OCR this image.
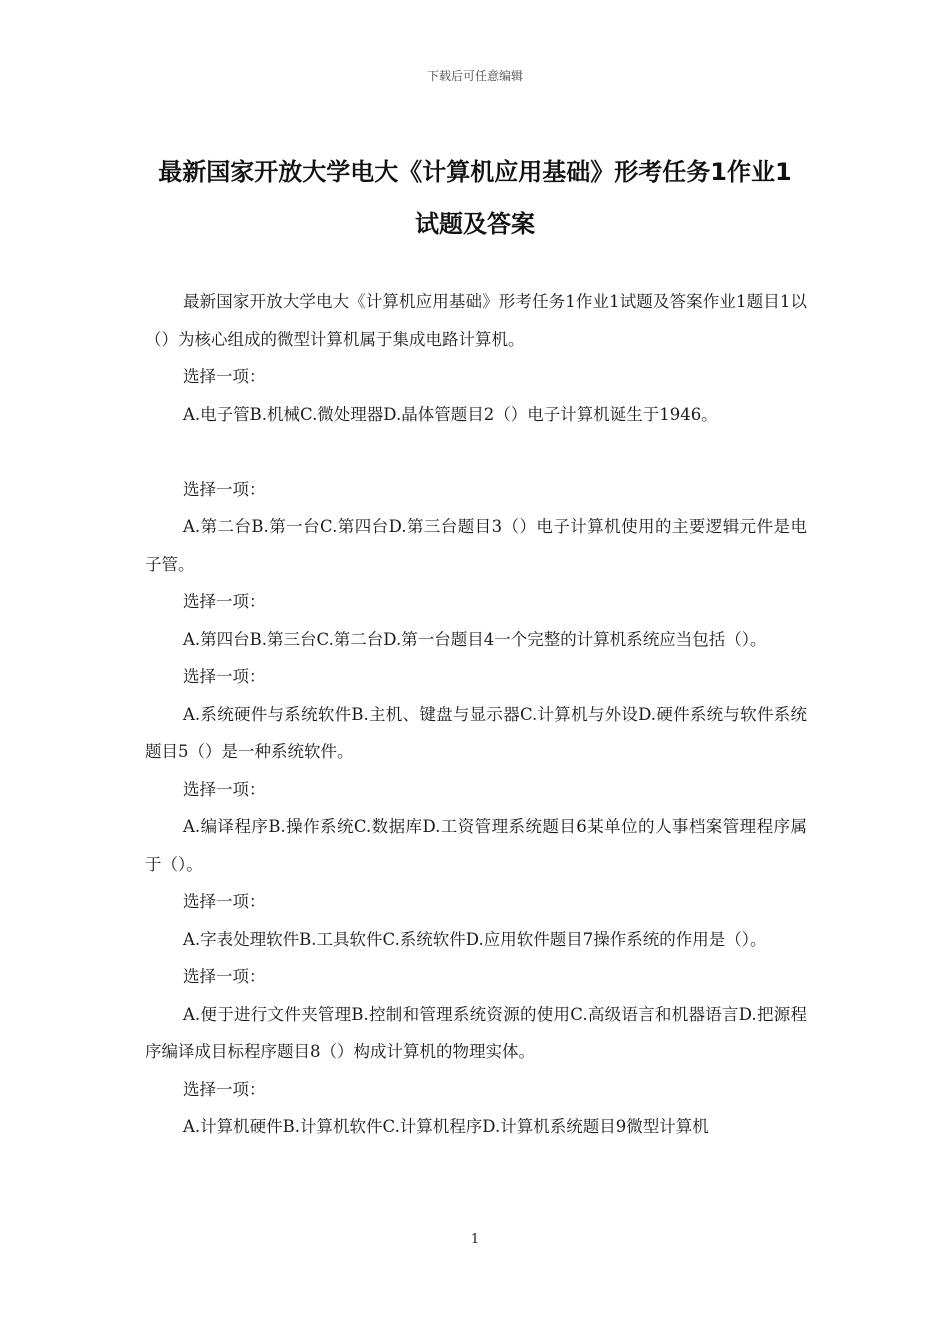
下载后可任意编辑
最新国家开放大学电大《计算机应用基础》形考任务1作业1试题及答案

最新国家开放大学电大《计算机应用基础》形考任务1作业1试题及答案作业1题目1以（）为核心组成的微型计算机属于集成电路计算机。

选择一项：

A.电子管B.机械C.微处理器D.晶体管题目2（）电子计算机诞生于1946。

选择一项：

A.第二台B.第一台C.第四台D.第三台题目3（）电子计算机使用的主要逻辑元件是电子管。

选择一项：

A.第四台B.第三台C.第二台D.第一台题目4一个完整的计算机系统应当包括（）。

选择一项：

A.系统硬件与系统软件B.主机、键盘与显示器C.计算机与外设D.硬件系统与软件系统题目5（）是一种系统软件。

选择一项：

A.编译程序B.操作系统C.数据库D.工资管理系统题目6某单位的人事档案管理程序属于（）。

选择一项：

A.字表处理软件B.工具软件C.系统软件D.应用软件题目7操作系统的作用是（）。

选择一项：

A.便于进行文件夹管理B.控制和管理系统资源的使用C.高级语言和机器语言D.把源程序编译成目标程序题目8（）构成计算机的物理实体。

选择一项：

A.计算机硬件B.计算机软件C.计算机程序D.计算机系统题目9微型计算机

1
